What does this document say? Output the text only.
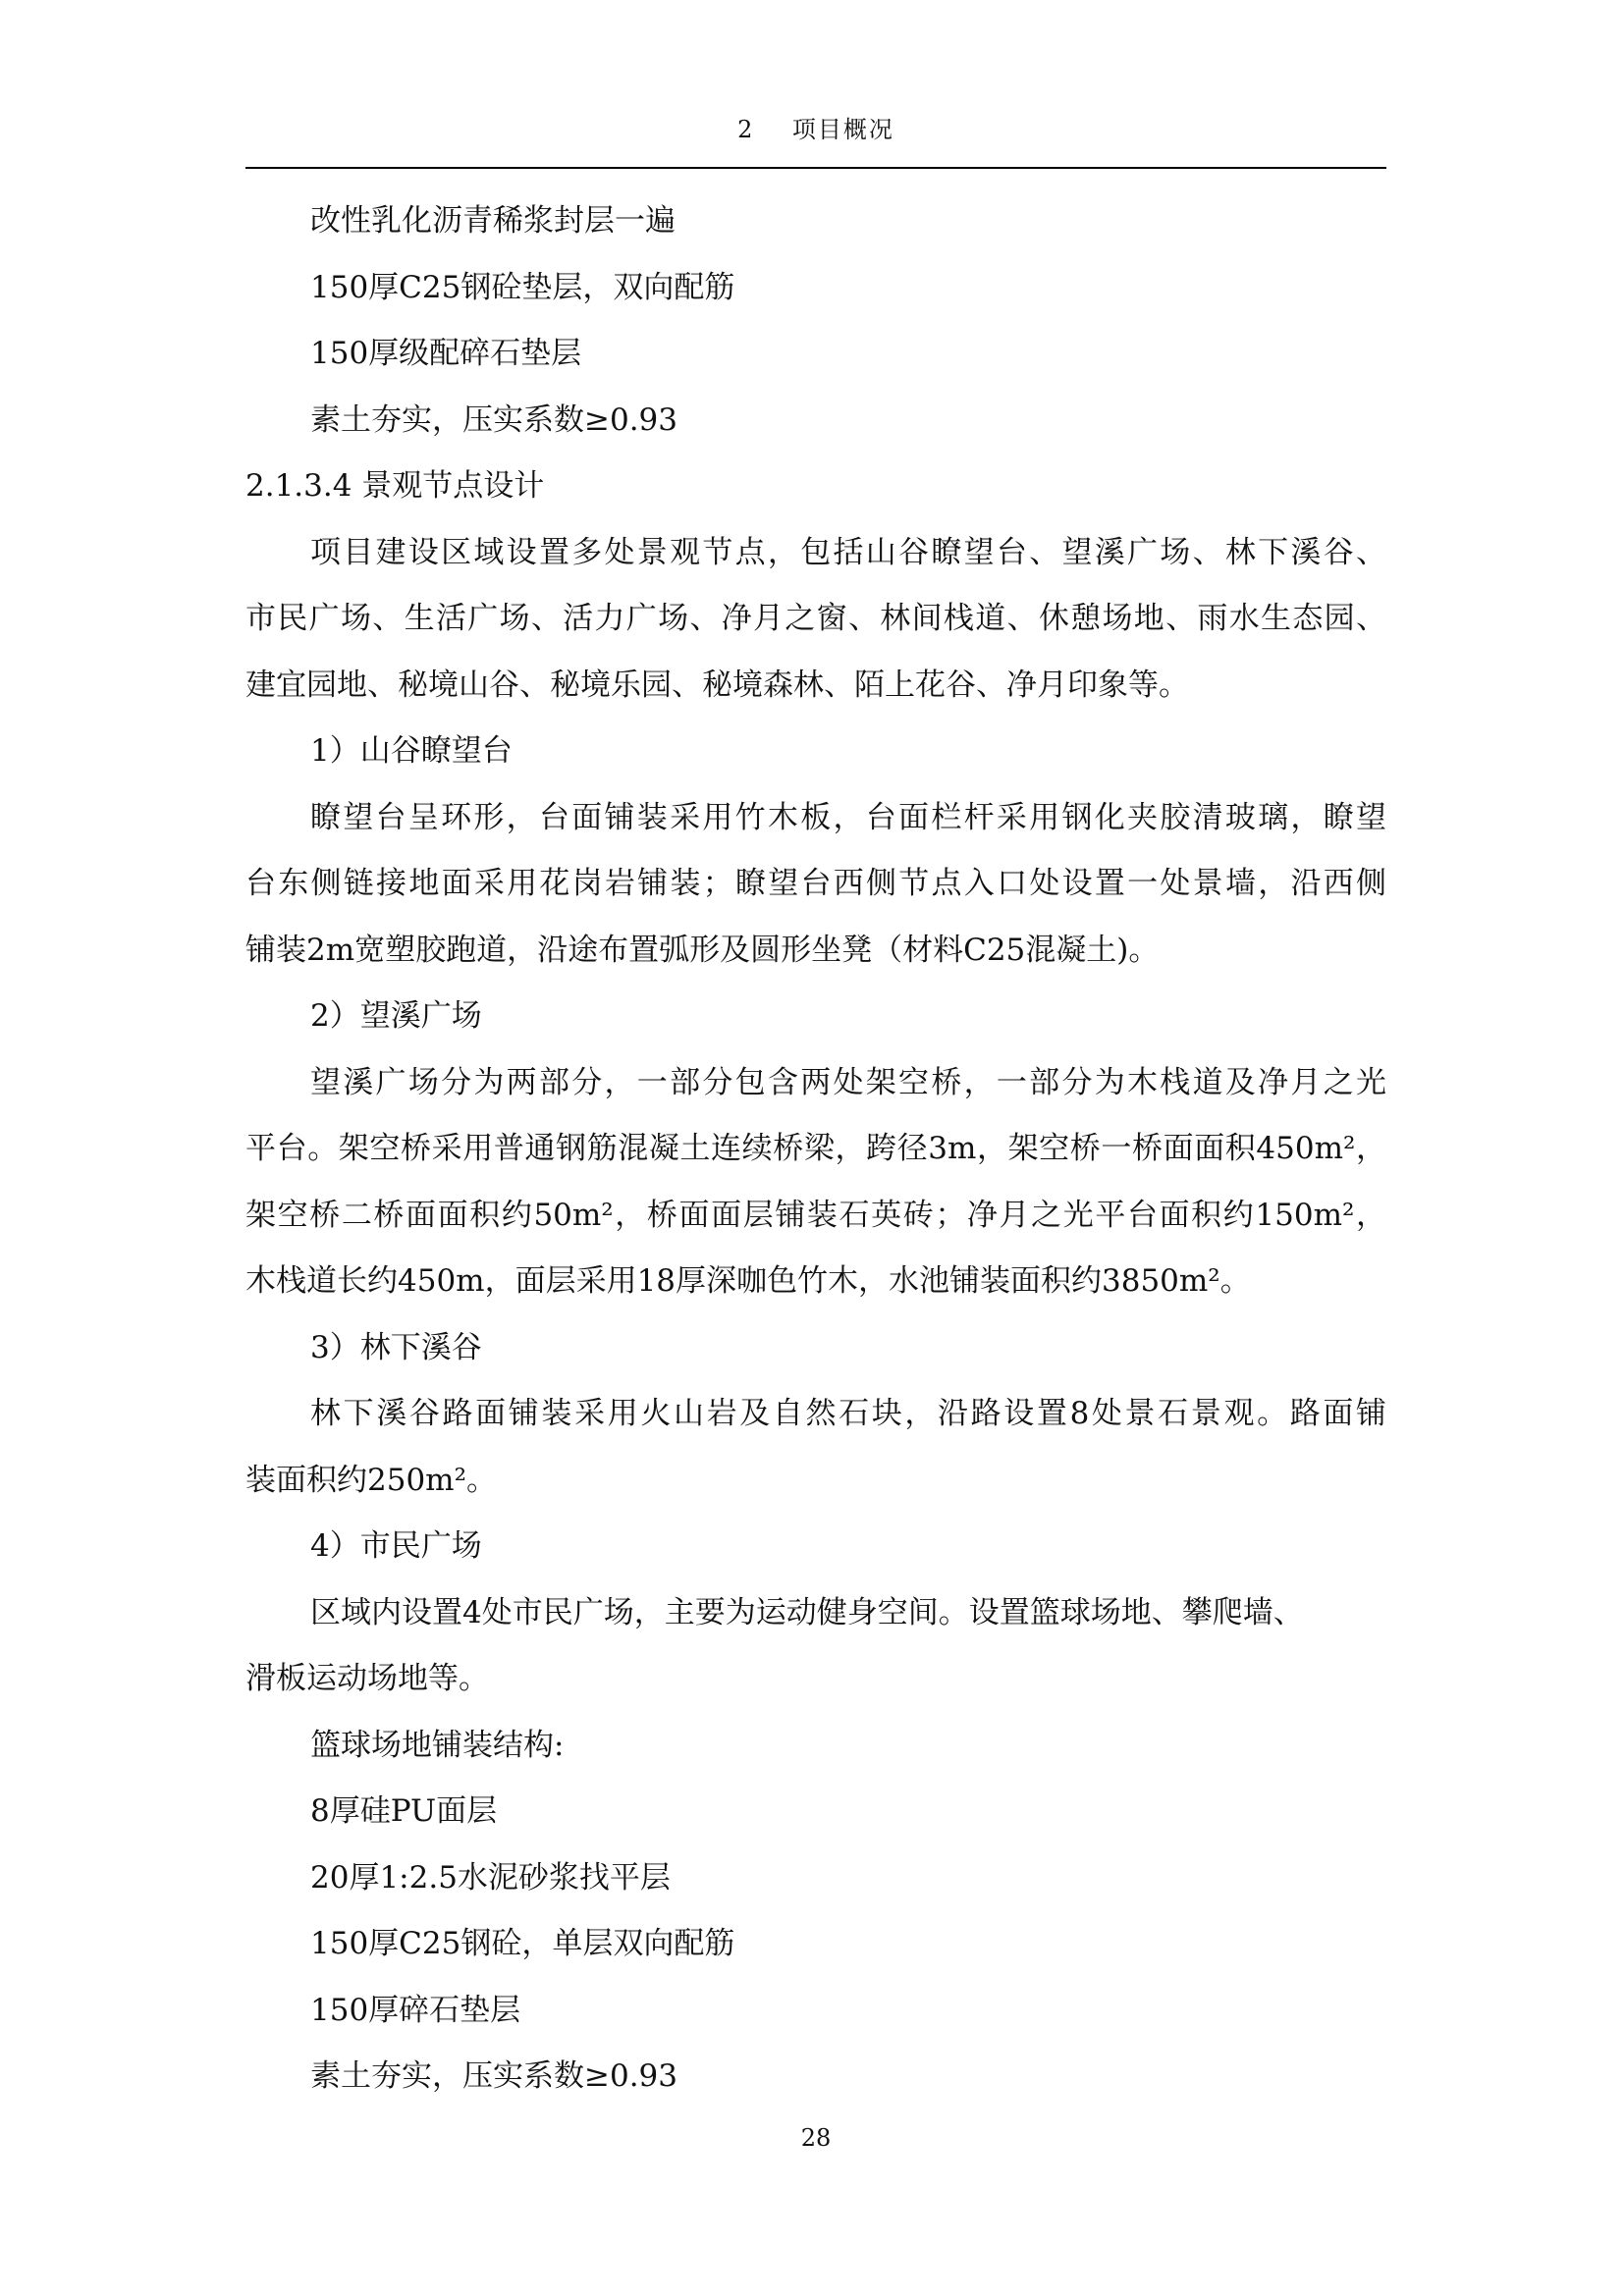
2 项目概况
改性乳化沥青稀浆封层一遍
150厚C25钢砼垫层，双向配筋
150厚级配碎石垫层
素土夯实，压实系数≥0.93
2.1.3.4 景观节点设计
项目建设区域设置多处景观节点，包括山谷瞭望台、望溪广场、林下溪谷、
市民广场、生活广场、活力广场、净月之窗、林间栈道、休憩场地、雨水生态园、
建宜园地、秘境山谷、秘境乐园、秘境森林、陌上花谷、净月印象等。
1）山谷瞭望台
瞭望台呈环形，台面铺装采用竹木板，台面栏杆采用钢化夹胶清玻璃，瞭望
台东侧链接地面采用花岗岩铺装；瞭望台西侧节点入口处设置一处景墙，沿西侧
铺装2m宽塑胶跑道，沿途布置弧形及圆形坐凳（材料C25混凝土)。
2）望溪广场
望溪广场分为两部分，一部分包含两处架空桥，一部分为木栈道及净月之光
平台。架空桥采用普通钢筋混凝土连续桥梁，跨径3m，架空桥一桥面面积450m²，
架空桥二桥面面积约50m²，桥面面层铺装石英砖；净月之光平台面积约150m²，
木栈道长约450m，面层采用18厚深咖色竹木，水池铺装面积约3850m²。
3）林下溪谷
林下溪谷路面铺装采用火山岩及自然石块，沿路设置8处景石景观。路面铺
装面积约250m²。
4）市民广场
区域内设置4处市民广场，主要为运动健身空间。设置篮球场地、攀爬墙、
滑板运动场地等。
篮球场地铺装结构:
8厚硅PU面层
20厚1:2.5水泥砂浆找平层
150厚C25钢砼，单层双向配筋
150厚碎石垫层
素土夯实，压实系数≥0.93
28
